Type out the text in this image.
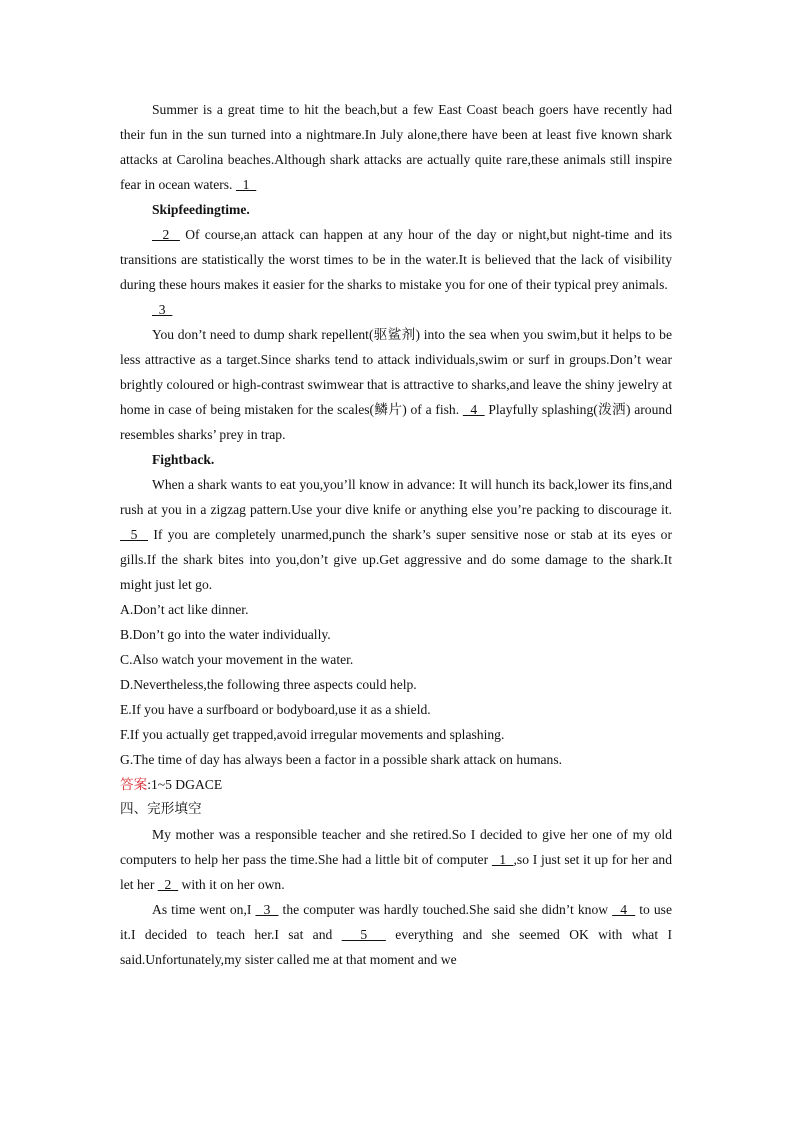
Summer is a great time to hit the beach,but a few East Coast beach goers have recently had their fun in the sun turned into a nightmare.In July alone,there have been at least five known shark attacks at Carolina beaches.Although shark attacks are actually quite rare,these animals still inspire fear in ocean waters.   1

Skipfeedingtime.

2   Of course,an attack can happen at any hour of the day or night,but night-time and its transitions are statistically the worst times to be in the water.It is believed that the lack of visibility during these hours makes it easier for the sharks to mistake you for one of their typical prey animals.

3

You don’t need to dump shark repellent(驱鲨剂) into the sea when you swim,but it helps to be less attractive as a target.Since sharks tend to attack individuals,swim or surf in groups.Don’t wear brightly coloured or high-contrast swimwear that is attractive to sharks,and leave the shiny jewelry at home in case of being mistaken for the scales(鳞片) of a fish.   4   Playfully splashing(泼洒) around resembles sharks’ prey in trap.

Fightback.

When a shark wants to eat you,you’ll know in advance: It will hunch its back,lower its fins,and rush at you in a zigzag pattern.Use your dive knife or anything else you’re packing to discourage it.   5   If you are completely unarmed,punch the shark’s super sensitive nose or stab at its eyes or gills.If the shark bites into you,don’t give up.Get aggressive and do some damage to the shark.It might just let go.

A.Don’t act like dinner.

B.Don’t go into the water individually.

C.Also watch your movement in the water.

D.Nevertheless,the following three aspects could help.

E.If you have a surfboard or bodyboard,use it as a shield.

F.If you actually get trapped,avoid irregular movements and splashing.

G.The time of day has always been a factor in a possible shark attack on humans.

答案:1~5 DGACE

四、完形填空

My mother was a responsible teacher and she retired.So I decided to give her one of my old computers to help her pass the time.She had a little bit of computer   1  ,so I just set it up for her and let her   2   with it on her own.

As time went on,I   3   the computer was hardly touched.She said she didn’t know   4   to use it.I decided to teach her.I sat and   5   everything and she seemed OK with what I said.Unfortunately,my sister called me at that moment and we
